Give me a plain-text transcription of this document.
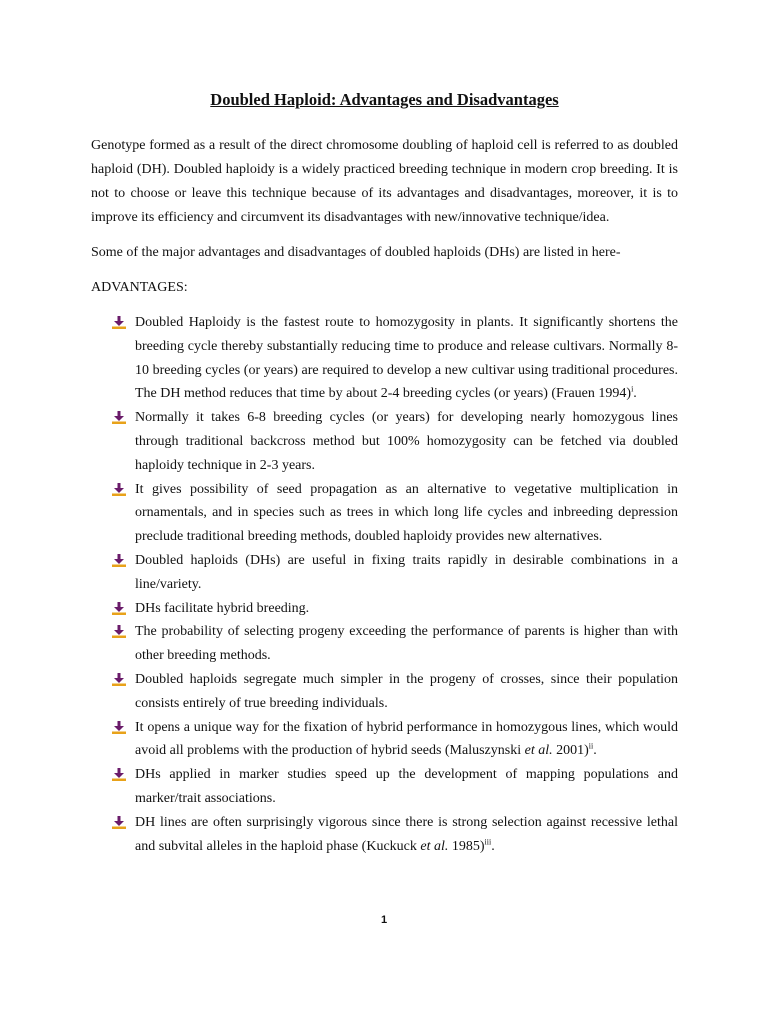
Doubled Haploid: Advantages and Disadvantages

Genotype formed as a result of the direct chromosome doubling of haploid cell is referred to as doubled haploid (DH). Doubled haploidy is a widely practiced breeding technique in modern crop breeding. It is not to choose or leave this technique because of its advantages and disadvantages, moreover, it is to improve its efficiency and circumvent its disadvantages with new/innovative technique/idea.

Some of the major advantages and disadvantages of doubled haploids (DHs) are listed in here-

ADVANTAGES:

Doubled Haploidy is the fastest route to homozygosity in plants. It significantly shortens the breeding cycle thereby substantially reducing time to produce and release cultivars. Normally 8-10 breeding cycles (or years) are required to develop a new cultivar using traditional procedures. The DH method reduces that time by about 2-4 breeding cycles (or years) (Frauen 1994)$^i$.
Normally it takes 6-8 breeding cycles (or years) for developing nearly homozygous lines through traditional backcross method but 100% homozygosity can be fetched via doubled haploidy technique in 2-3 years.
It gives possibility of seed propagation as an alternative to vegetative multiplication in ornamentals, and in species such as trees in which long life cycles and inbreeding depression preclude traditional breeding methods, doubled haploidy provides new alternatives.
Doubled haploids (DHs) are useful in fixing traits rapidly in desirable combinations in a line/variety.
DHs facilitate hybrid breeding.
The probability of selecting progeny exceeding the performance of parents is higher than with other breeding methods.
Doubled haploids segregate much simpler in the progeny of crosses, since their population consists entirely of true breeding individuals.
It opens a unique way for the fixation of hybrid performance in homozygous lines, which would avoid all problems with the production of hybrid seeds (Maluszynski et al. 2001)$^{ii}$.
DHs applied in marker studies speed up the development of mapping populations and marker/trait associations.
DH lines are often surprisingly vigorous since there is strong selection against recessive lethal and subvital alleles in the haploid phase (Kuckuck et al. 1985)$^{iii}$.
1
